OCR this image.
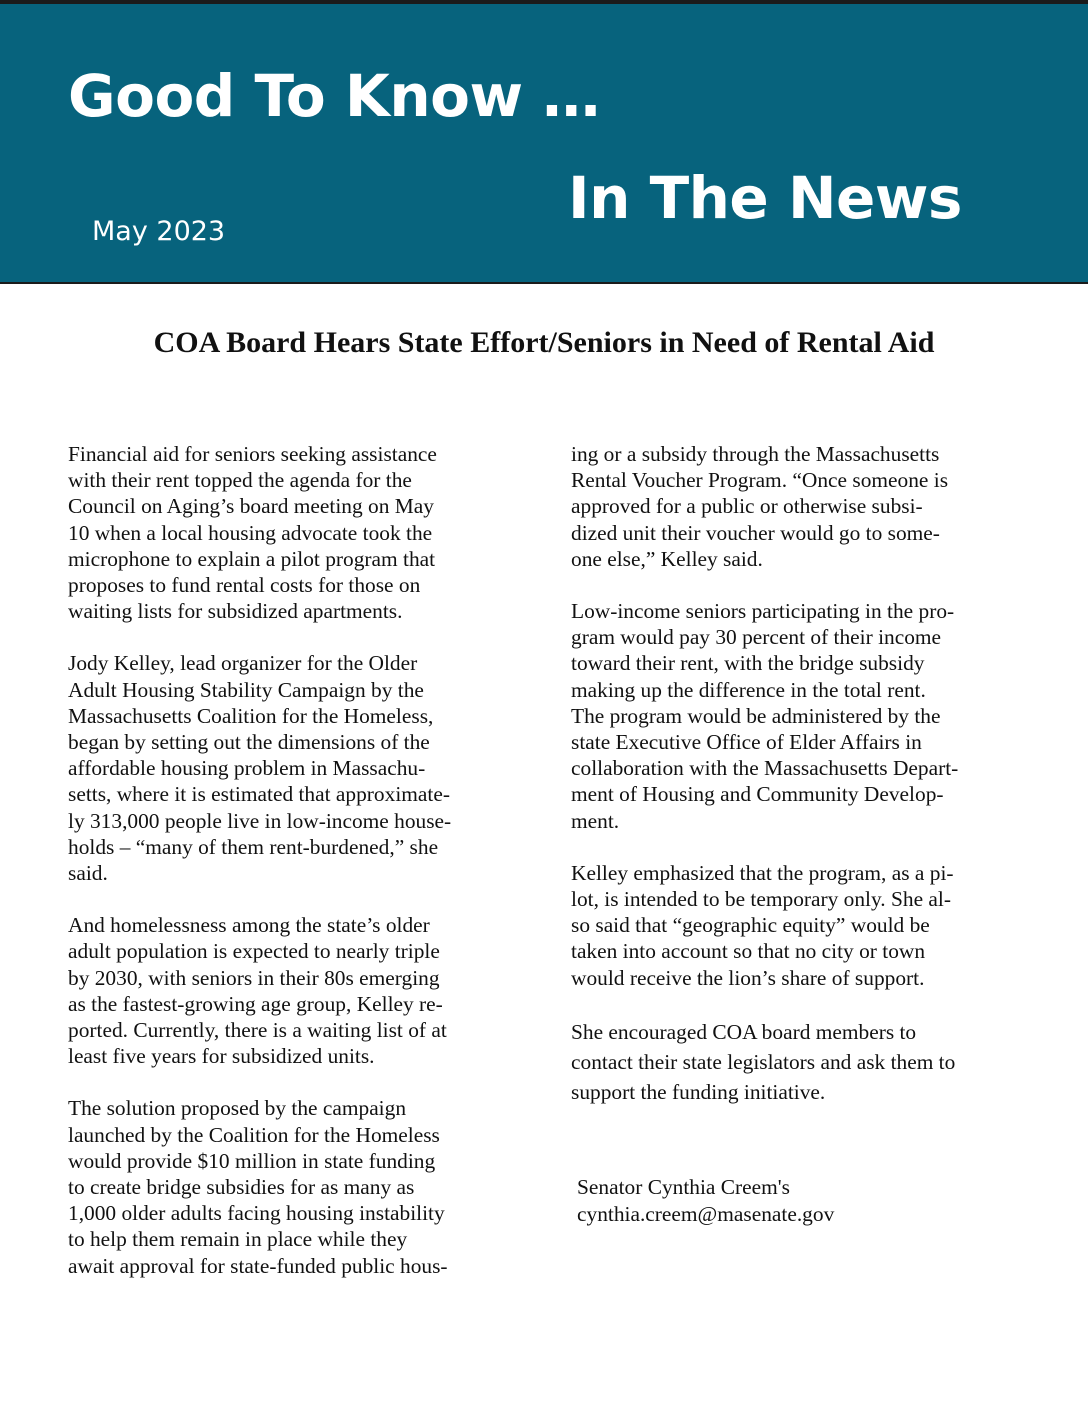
Good To Know …
In The News
May 2023
COA Board Hears State Effort/Seniors in Need of Rental Aid

Financial aid for seniors seeking assistance
with their rent topped the agenda for the
Council on Aging’s board meeting on May
10 when a local housing advocate took the
microphone to explain a pilot program that
proposes to fund rental costs for those on
waiting lists for subsidized apartments.

Jody Kelley, lead organizer for the Older
Adult Housing Stability Campaign by the
Massachusetts Coalition for the Homeless,
began by setting out the dimensions of the
affordable housing problem in Massachu-
setts, where it is estimated that approximate-
ly 313,000 people live in low-income house-
holds – “many of them rent-burdened,” she
said.

And homelessness among the state’s older
adult population is expected to nearly triple
by 2030, with seniors in their 80s emerging
as the fastest-growing age group, Kelley re-
ported. Currently, there is a waiting list of at
least five years for subsidized units.

The solution proposed by the campaign
launched by the Coalition for the Homeless
would provide $10 million in state funding
to create bridge subsidies for as many as
1,000 older adults facing housing instability
to help them remain in place while they
await approval for state-funded public hous-

ing or a subsidy through the Massachusetts
Rental Voucher Program. “Once someone is
approved for a public or otherwise subsi-
dized unit their voucher would go to some-
one else,” Kelley said.

Low-income seniors participating in the pro-
gram would pay 30 percent of their income
toward their rent, with the bridge subsidy
making up the difference in the total rent.
The program would be administered by the
state Executive Office of Elder Affairs in
collaboration with the Massachusetts Depart-
ment of Housing and Community Develop-
ment.

Kelley emphasized that the program, as a pi-
lot, is intended to be temporary only. She al-
so said that “geographic equity” would be
taken into account so that no city or town
would receive the lion’s share of support.

She encouraged COA board members to
contact their state legislators and ask them to
support the funding initiative.

Senator Cynthia Creem's
cynthia.creem@masenate.gov
